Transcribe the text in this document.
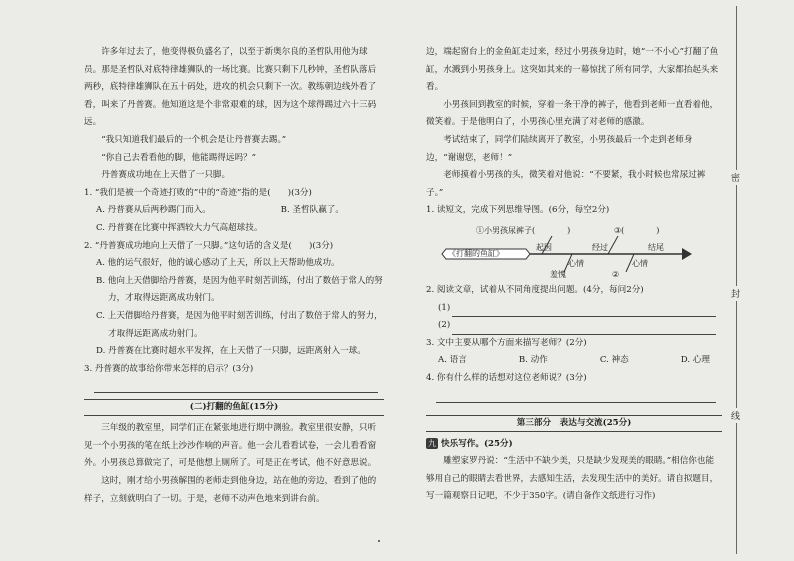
许多年过去了，他变得极负盛名了，以至于新奥尔良的圣哲队用他为球员。那是圣哲队对底特律雄狮队的一场比赛。比赛只剩下几秒钟，圣哲队落后两秒，底特律雄狮队在五十码处，进攻的机会只剩下一次。教练朝边线外看了看，叫来了丹普赛。他知道这是个非常艰难的球，因为这个球得踢过六十三码远。

“我只知道我们最后的一个机会是让丹普赛去踢。”

“你自己去看看他的脚，他能踢得远吗？”

丹普赛成功地在上天借了一只脚。

1. “我们是被一个奇迹打败的”中的“奇迹”指的是(　　)(3分)

A. 丹普赛从后两秒踢门而入。	B. 圣哲队赢了。

C. 丹普赛在比赛中挥洒较大力气高超球技。

2. “丹普赛成功地向上天借了一只脚。”这句话的含义是(　　)(3分)

A. 他的运气很好，他的诚心感动了上天，所以上天帮助他成功。

B. 他向上天借脚给丹普赛，是因为他平时刻苦训练，付出了数倍于常人的努力，才取得远距离成功射门。

C. 上天借脚给丹普赛，是因为他平时刻苦训练，付出了数倍于常人的努力，才取得远距离成功射门。

D. 丹普赛在比赛时超水平发挥，在上天借了一只脚，远距离射入一球。

3. 丹普赛的故事给你带来怎样的启示？(3分)

(二)打翻的鱼缸(15分)

三年级的教室里，同学们正在紧张地进行期中测验。教室里很安静，只听见一个小男孩的笔在纸上沙沙作响的声音。他一会儿看看试卷，一会儿看看窗外。小男孩总算做完了，可是他想上厕所了。可是正在考试，他不好意思说。

这时，刚才给小男孩解围的老师走到他身边，站在他的旁边，看到了他的样子，立刻就明白了一切。于是，老师不动声色地来到讲台前。

边，端起窗台上的金鱼缸走过来，经过小男孩身边时，她“一不小心”打翻了鱼缸，水溅到小男孩身上。这突如其来的一幕惊扰了所有同学，大家都抬起头来看。

小男孩回到教室的时候，穿着一条干净的裤子，他看到老师一直看着他，微笑着。于是他明白了，小男孩心里充满了对老师的感激。

考试结束了，同学们陆续离开了教室，小男孩最后一个走到老师身边，“谢谢您，老师！”

老师摸着小男孩的头，微笑着对他说：“不要紧，我小时候也常尿过裤子。”

1. 读短文，完成下列思维导图。(6分，每空2分)

《打翻的鱼缸》
①小男孩尿裤子(　　　　)	③(　　　　)
起因	经过	结尾
心情	心情
羞愧	②

2. 阅读文章，试着从不同角度提出问题。(4分，每问2分)

(1)
(2)

3. 文中主要从哪个方面来描写老师？(2分)

A. 语言	B. 动作	C. 神态	D. 心理

4. 你有什么样的话想对这位老师说？(3分)

第三部分　表达与交流(25分)

九 快乐写作。(25分)

雕塑家罗丹说：“生活中不缺少美，只是缺少发现美的眼睛。”相信你也能够用自己的眼睛去看世界，去感知生活，去发现生活中的美好。请自拟题目，写一篇观察日记吧，不少于350字。(请自备作文纸进行习作)

密
封
线
